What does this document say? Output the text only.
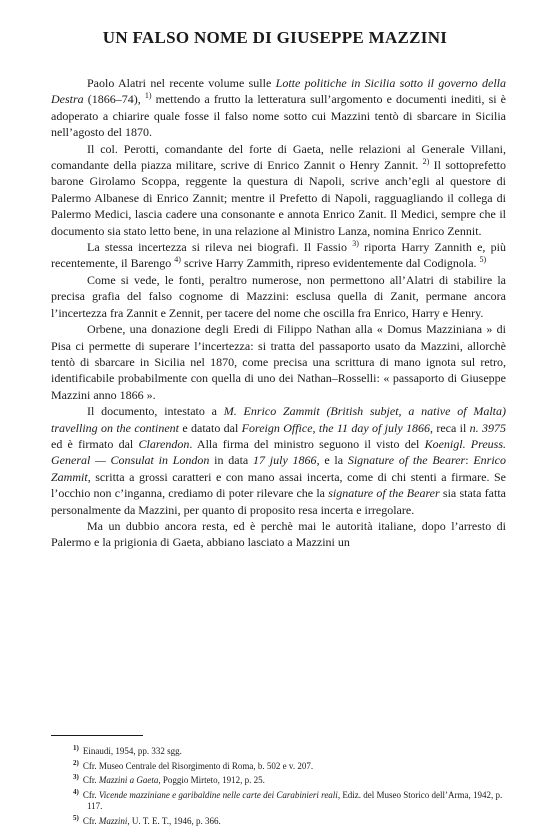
UN FALSO NOME DI GIUSEPPE MAZZINI

Paolo Alatri nel recente volume sulle Lotte politiche in Sicilia sotto il governo della Destra (1866–74), $^{1)}$ mettendo a frutto la letteratura sull’argomento e documenti inediti, si è adoperato a chiarire quale fosse il falso nome sotto cui Mazzini tentò di sbarcare in Sicilia nell’agosto del 1870.

Il col. Perotti, comandante del forte di Gaeta, nelle relazioni al Generale Villani, comandante della piazza militare, scrive di Enrico Zannit o Henry Zannit. $^{2)}$ Il sottoprefetto barone Girolamo Scoppa, reggente la questura di Napoli, scrive anch’egli al questore di Palermo Albanese di Enrico Zannit; mentre il Prefetto di Napoli, ragguagliando il collega di Palermo Medici, lascia cadere una consonante e annota Enrico Zanit. Il Medici, sempre che il documento sia stato letto bene, in una relazione al Ministro Lanza, nomina Enrico Zennit.

La stessa incertezza si rileva nei biografi. Il Fassio $^{3)}$ riporta Harry Zannith e, più recentemente, il Barengo $^{4)}$ scrive Harry Zammith, ripreso evidentemente dal Codignola. $^{5)}$

Come si vede, le fonti, peraltro numerose, non permettono all’Alatri di stabilire la precisa grafia del falso cognome di Mazzini: esclusa quella di Zanit, permane ancora l’incertezza fra Zannit e Zennit, per tacere del nome che oscilla fra Enrico, Harry e Henry.

Orbene, una donazione degli Eredi di Filippo Nathan alla « Domus Mazziniana » di Pisa ci permette di superare l’incertezza: si tratta del passaporto usato da Mazzini, allorchè tentò di sbarcare in Sicilia nel 1870, come precisa una scrittura di mano ignota sul retro, identificabile probabilmente con quella di uno dei Nathan–Rosselli: « passaporto di Giuseppe Mazzini anno 1866 ».

Il documento, intestato a M. Enrico Zammit (British subjet, a native of Malta) travelling on the continent e datato dal Foreign Office, the 11 day of july 1866, reca il n. 3975 ed è firmato dal Clarendon. Alla firma del ministro seguono il visto del Koenigl. Preuss. General — Consulat in London in data 17 july 1866, e la Signature of the Bearer: Enrico Zammit, scritta a grossi caratteri e con mano assai incerta, come di chi stenti a firmare. Se l’occhio non c’inganna, crediamo di poter rilevare che la signature of the Bearer sia stata fatta personalmente da Mazzini, per quanto di proposito resa incerta e irregolare.

Ma un dubbio ancora resta, ed è perchè mai le autorità italiane, dopo l’arresto di Palermo e la prigionia di Gaeta, abbiano lasciato a Mazzini un

$^{1)}$ Einaudi, 1954, pp. 332 sgg.
$^{2)}$ Cfr. Museo Centrale del Risorgimento di Roma, b. 502 e v. 207.
$^{3)}$ Cfr. Mazzini a Gaeta, Poggio Mirteto, 1912, p. 25.
$^{4)}$ Cfr. Vicende mazziniane e garibaldine nelle carte dei Carabinieri reali, Ediz. del Museo Storico dell’Arma, 1942, p. 117.
$^{5)}$ Cfr. Mazzini, U. T. E. T., 1946, p. 366.
